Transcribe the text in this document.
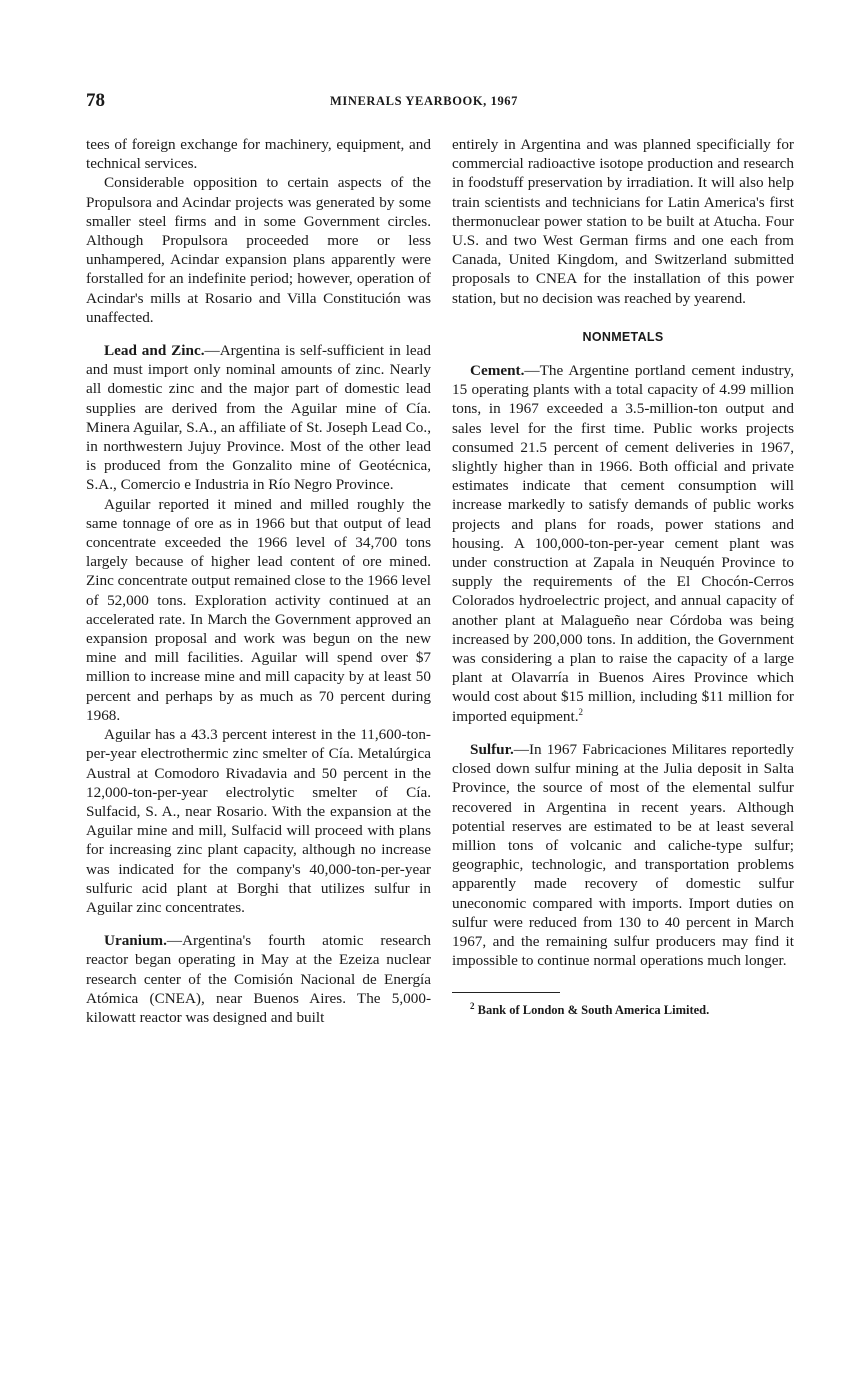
78	MINERALS YEARBOOK, 1967

tees of foreign exchange for machinery, equipment, and technical services.

Considerable opposition to certain aspects of the Propulsora and Acindar projects was generated by some smaller steel firms and in some Government circles. Although Propulsora proceeded more or less unhampered, Acindar expansion plans apparently were forstalled for an indefinite period; however, operation of Acindar's mills at Rosario and Villa Constitución was unaffected.

Lead and Zinc.—Argentina is self-sufficient in lead and must import only nominal amounts of zinc. Nearly all domestic zinc and the major part of domestic lead supplies are derived from the Aguilar mine of Cía. Minera Aguilar, S.A., an affiliate of St. Joseph Lead Co., in northwestern Jujuy Province. Most of the other lead is produced from the Gonzalito mine of Geotécnica, S.A., Comercio e Industria in Río Negro Province.

Aguilar reported it mined and milled roughly the same tonnage of ore as in 1966 but that output of lead concentrate exceeded the 1966 level of 34,700 tons largely because of higher lead content of ore mined. Zinc concentrate output remained close to the 1966 level of 52,000 tons. Exploration activity continued at an accelerated rate. In March the Government approved an expansion proposal and work was begun on the new mine and mill facilities. Aguilar will spend over $7 million to increase mine and mill capacity by at least 50 percent and perhaps by as much as 70 percent during 1968.

Aguilar has a 43.3 percent interest in the 11,600-ton-per-year electrothermic zinc smelter of Cía. Metalúrgica Austral at Comodoro Rivadavia and 50 percent in the 12,000-ton-per-year electrolytic smelter of Cía. Sulfacid, S. A., near Rosario. With the expansion at the Aguilar mine and mill, Sulfacid will proceed with plans for increasing zinc plant capacity, although no increase was indicated for the company's 40,000-ton-per-year sulfuric acid plant at Borghi that utilizes sulfur in Aguilar zinc concentrates.

Uranium.—Argentina's fourth atomic research reactor began operating in May at the Ezeiza nuclear research center of the Comisión Nacional de Energía Atómica (CNEA), near Buenos Aires. The 5,000-kilowatt reactor was designed and built

entirely in Argentina and was planned specificially for commercial radioactive isotope production and research in foodstuff preservation by irradiation. It will also help train scientists and technicians for Latin America's first thermonuclear power station to be built at Atucha. Four U.S. and two West German firms and one each from Canada, United Kingdom, and Switzerland submitted proposals to CNEA for the installation of this power station, but no decision was reached by yearend.

NONMETALS

Cement.—The Argentine portland cement industry, 15 operating plants with a total capacity of 4.99 million tons, in 1967 exceeded a 3.5-million-ton output and sales level for the first time. Public works projects consumed 21.5 percent of cement deliveries in 1967, slightly higher than in 1966. Both official and private estimates indicate that cement consumption will increase markedly to satisfy demands of public works projects and plans for roads, power stations and housing. A 100,000-ton-per-year cement plant was under construction at Zapala in Neuquén Province to supply the requirements of the El Chocón-Cerros Colorados hydroelectric project, and annual capacity of another plant at Malagueño near Córdoba was being increased by 200,000 tons. In addition, the Government was considering a plan to raise the capacity of a large plant at Olavarría in Buenos Aires Province which would cost about $15 million, including $11 million for imported equipment.$^2$

Sulfur.—In 1967 Fabricaciones Militares reportedly closed down sulfur mining at the Julia deposit in Salta Province, the source of most of the elemental sulfur recovered in Argentina in recent years. Although potential reserves are estimated to be at least several million tons of volcanic and caliche-type sulfur; geographic, technologic, and transportation problems apparently made recovery of domestic sulfur uneconomic compared with imports. Import duties on sulfur were reduced from 130 to 40 percent in March 1967, and the remaining sulfur producers may find it impossible to continue normal operations much longer.

$^2$ Bank of London & South America Limited.
